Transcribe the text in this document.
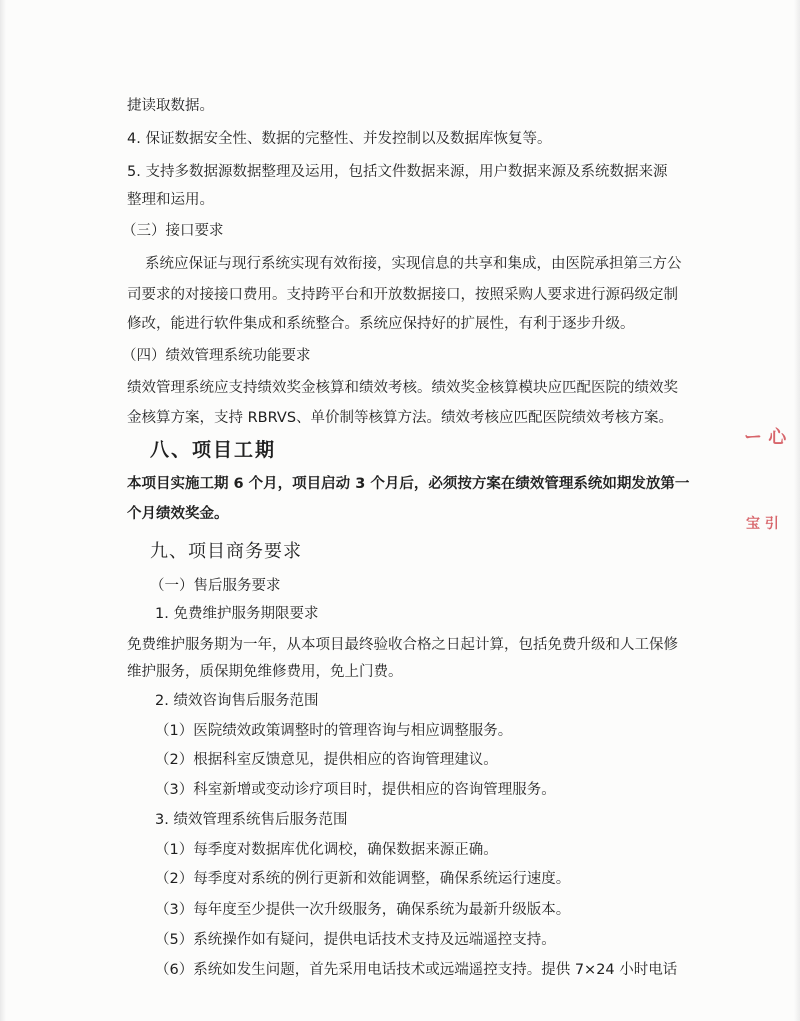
捷读取数据。
4. 保证数据安全性、数据的完整性、并发控制以及数据库恢复等。
5. 支持多数据源数据整理及运用，包括文件数据来源，用户数据来源及系统数据来源
整理和运用。
（三）接口要求
系统应保证与现行系统实现有效衔接，实现信息的共享和集成，由医院承担第三方公
司要求的对接接口费用。支持跨平台和开放数据接口，按照采购人要求进行源码级定制
修改，能进行软件集成和系统整合。系统应保持好的扩展性，有利于逐步升级。
（四）绩效管理系统功能要求
绩效管理系统应支持绩效奖金核算和绩效考核。绩效奖金核算模块应匹配医院的绩效奖
金核算方案，支持 RBRVS、单价制等核算方法。绩效考核应匹配医院绩效考核方案。
八、项目工期
本项目实施工期 6 个月，项目启动 3 个月后，必须按方案在绩效管理系统如期发放第一
个月绩效奖金。
九、项目商务要求
（一）售后服务要求
1. 免费维护服务期限要求
免费维护服务期为一年，从本项目最终验收合格之日起计算，包括免费升级和人工保修
维护服务，质保期免维修费用，免上门费。
2. 绩效咨询售后服务范围
（1）医院绩效政策调整时的管理咨询与相应调整服务。
（2）根据科室反馈意见，提供相应的咨询管理建议。
（3）科室新增或变动诊疗项目时，提供相应的咨询管理服务。
3. 绩效管理系统售后服务范围
（1）每季度对数据库优化调校，确保数据来源正确。
（2）每季度对系统的例行更新和效能调整，确保系统运行速度。
（3）每年度至少提供一次升级服务，确保系统为最新升级版本。
（5）系统操作如有疑问，提供电话技术支持及远端遥控支持。
（6）系统如发生问题，首先采用电话技术或远端遥控支持。提供 7×24 小时电话
ー 心
宝 引
